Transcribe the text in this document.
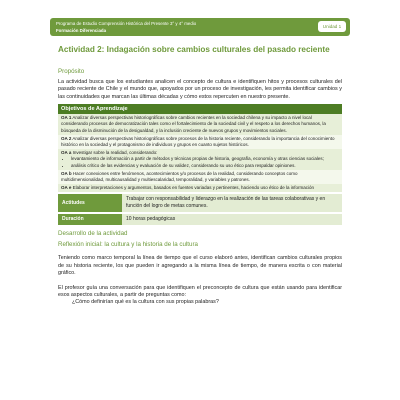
Programa de Estudio Comprensión Histórica del Presente 3° y 4° medio
Formación Diferenciada
Unidad 1

Actividad 2: Indagación sobre cambios culturales del pasado reciente

Propósito

La actividad busca que los estudiantes analicen el concepto de cultura e identifiquen hitos y procesos culturales del pasado reciente de Chile y el mundo que, apoyados por un proceso de investigación, les permita identificar cambios y las continuidades que marcan las últimas décadas y cómo estos repercuten en nuestro presente.

Objetivos de Aprendizaje
OA 1 Analizar diversas perspectivas historiográficas sobre cambios recientes en la sociedad chilena y su impacto a nivel local considerando procesos de democratización tales como el fortalecimiento de la sociedad civil y el respeto a los derechos humanos, la búsqueda de la disminución de la desigualdad, y la inclusión creciente de nuevos grupos y movimientos sociales.
OA 2 Analizar diversas perspectivas historiográficas sobre procesos de la historia reciente, considerando la importancia del conocimiento histórico en la sociedad y el protagonismo de individuos y grupos en cuanto sujetos históricos.
OA a Investigar sobre la realidad, considerando:
• levantamiento de información a partir de métodos y técnicas propias de historia, geografía, economía y otras ciencias sociales;
• análisis crítico de las evidencias y evaluación de su validez, considerando su uso ético para respaldar opiniones.

OA b Hacer conexiones entre fenómenos, acontecimientos y/o procesos de la realidad, considerando conceptos como multidimensionalidad, multicausalidad y multiescalaridad, temporalidad, y variables y patrones.
OA e Elaborar interpretaciones y argumentos, basados en fuentes variadas y pertinentes, haciendo uso ético de la información
Actitudes	Trabajar con responsabilidad y liderazgo en la realización de las tareas colaborativas y en función del logro de metas comunes.

Duración	10 horas pedagógicas

Desarrollo de la actividad

Reflexión inicial: la cultura y la historia de la cultura

Teniendo como marco temporal la línea de tiempo que el curso elaboró antes, identifican cambios culturales propios de su historia reciente, los que pueden ir agregando a la misma línea de tiempo, de manera escrita o con material gráfico.

El profesor guía una conversación para que identifiquen el preconcepto de cultura que están usando para identificar esos aspectos culturales, a partir de preguntas como:

¿Cómo definirían qué es la cultura con sus propias palabras?
